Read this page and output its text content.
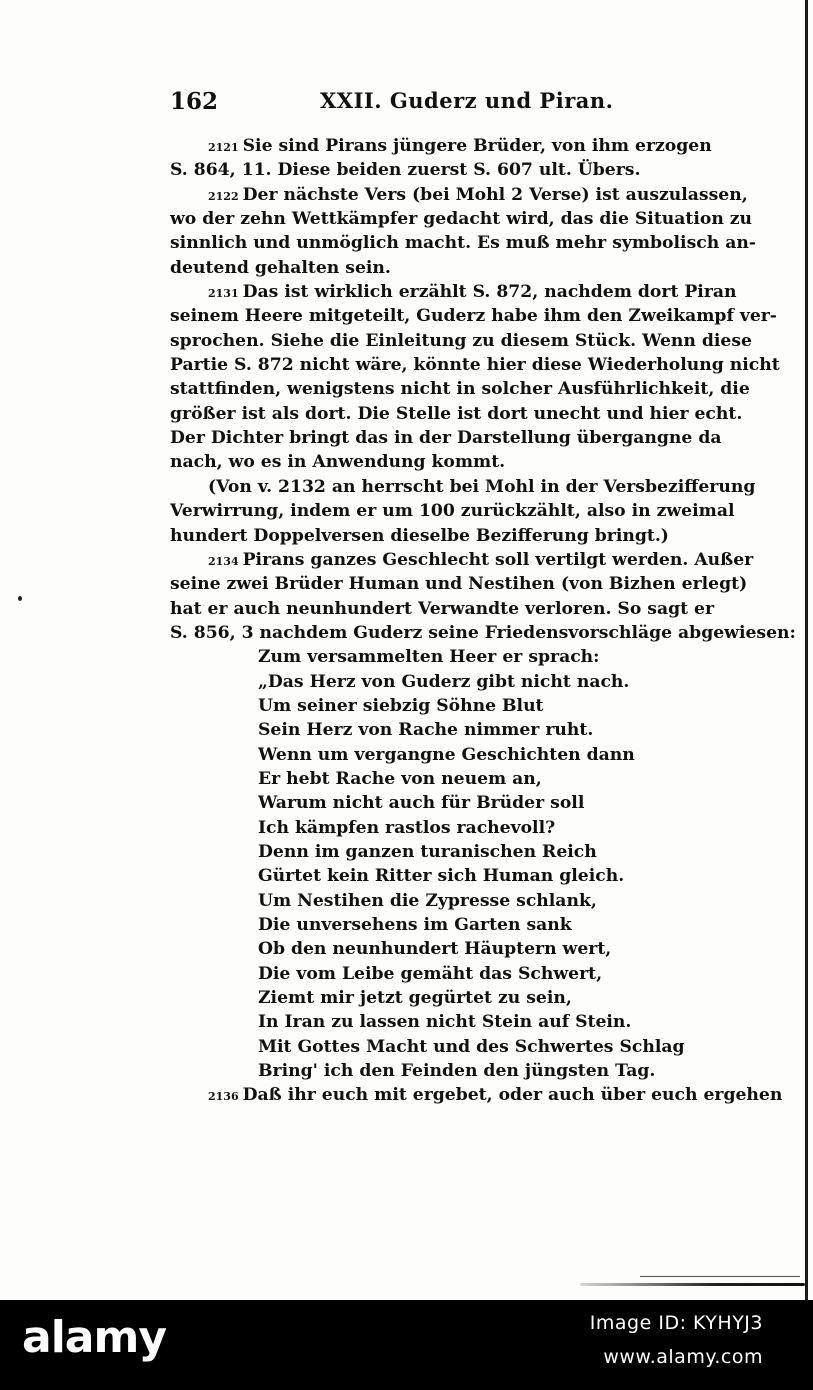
162	XXII. Guderz und Piran.
2121 Sie sind Pirans jüngere Brüder, von ihm erzogen
S. 864, 11. Diese beiden zuerst S. 607 ult. Übers.
2122 Der nächste Vers (bei Mohl 2 Verse) ist auszulassen,
wo der zehn Wettkämpfer gedacht wird, das die Situation zu
sinnlich und unmöglich macht. Es muß mehr symbolisch an-
deutend gehalten sein.
2131 Das ist wirklich erzählt S. 872, nachdem dort Piran
seinem Heere mitgeteilt, Guderz habe ihm den Zweikampf ver-
sprochen. Siehe die Einleitung zu diesem Stück. Wenn diese
Partie S. 872 nicht wäre, könnte hier diese Wiederholung nicht
stattfinden, wenigstens nicht in solcher Ausführlichkeit, die
größer ist als dort. Die Stelle ist dort unecht und hier echt.
Der Dichter bringt das in der Darstellung übergangne da
nach, wo es in Anwendung kommt.
(Von v. 2132 an herrscht bei Mohl in der Versbezifferung
Verwirrung, indem er um 100 zurückzählt, also in zweimal
hundert Doppelversen dieselbe Bezifferung bringt.)
2134 Pirans ganzes Geschlecht soll vertilgt werden. Außer
seine zwei Brüder Human und Nestihen (von Bizhen erlegt)
hat er auch neunhundert Verwandte verloren. So sagt er
S. 856, 3 nachdem Guderz seine Friedensvorschläge abgewiesen:
Zum versammelten Heer er sprach:
„Das Herz von Guderz gibt nicht nach.
Um seiner siebzig Söhne Blut
Sein Herz von Rache nimmer ruht.
Wenn um vergangne Geschichten dann
Er hebt Rache von neuem an,
Warum nicht auch für Brüder soll
Ich kämpfen rastlos rachevoll?
Denn im ganzen turanischen Reich
Gürtet kein Ritter sich Human gleich.
Um Nestihen die Zypresse schlank,
Die unversehens im Garten sank
Ob den neunhundert Häuptern wert,
Die vom Leibe gemäht das Schwert,
Ziemt mir jetzt gegürtet zu sein,
In Iran zu lassen nicht Stein auf Stein.
Mit Gottes Macht und des Schwertes Schlag
Bring' ich den Feinden den jüngsten Tag.
2136 Daß ihr euch mit ergebet, oder auch über euch ergehen
alamy	Image ID: KYHYJ3
www.alamy.com
